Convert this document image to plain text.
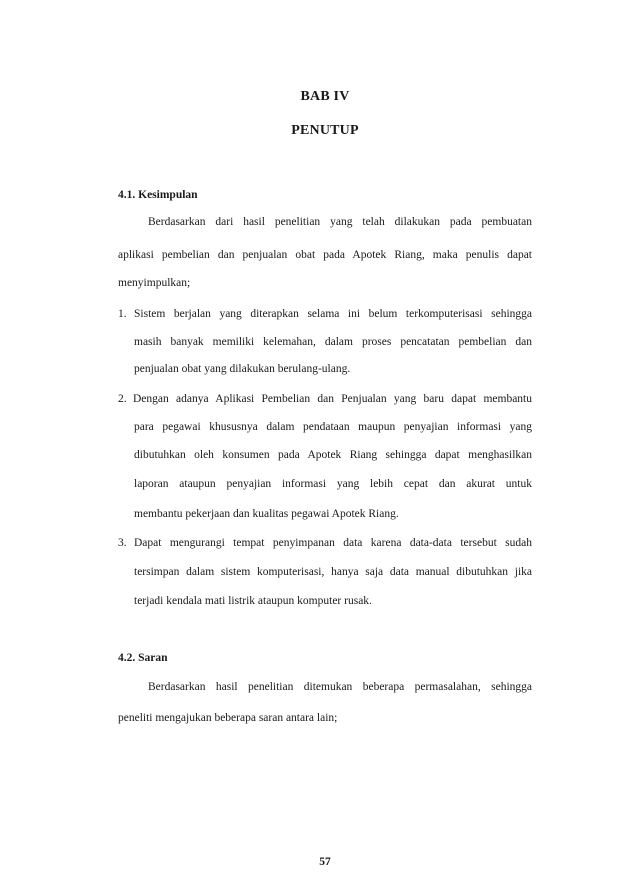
BAB IV
PENUTUP
4.1. Kesimpulan
Berdasarkan dari hasil penelitian yang telah dilakukan pada pembuatan
aplikasi pembelian dan penjualan obat pada Apotek Riang, maka penulis dapat
menyimpulkan;
1. Sistem berjalan yang diterapkan selama ini belum terkomputerisasi sehingga
masih banyak memiliki kelemahan, dalam proses pencatatan pembelian dan
penjualan obat yang dilakukan berulang-ulang.
2. Dengan adanya Aplikasi Pembelian dan Penjualan yang baru dapat membantu
para pegawai khususnya dalam pendataan maupun penyajian informasi yang
dibutuhkan oleh konsumen pada Apotek Riang sehingga dapat menghasilkan
laporan ataupun penyajian informasi yang lebih cepat dan akurat untuk
membantu pekerjaan dan kualitas pegawai Apotek Riang.
3. Dapat mengurangi tempat penyimpanan data karena data-data tersebut sudah
tersimpan dalam sistem komputerisasi, hanya saja data manual dibutuhkan jika
terjadi kendala mati listrik ataupun komputer rusak.
4.2. Saran
Berdasarkan hasil penelitian ditemukan beberapa permasalahan, sehingga
peneliti mengajukan beberapa saran antara lain;
57
